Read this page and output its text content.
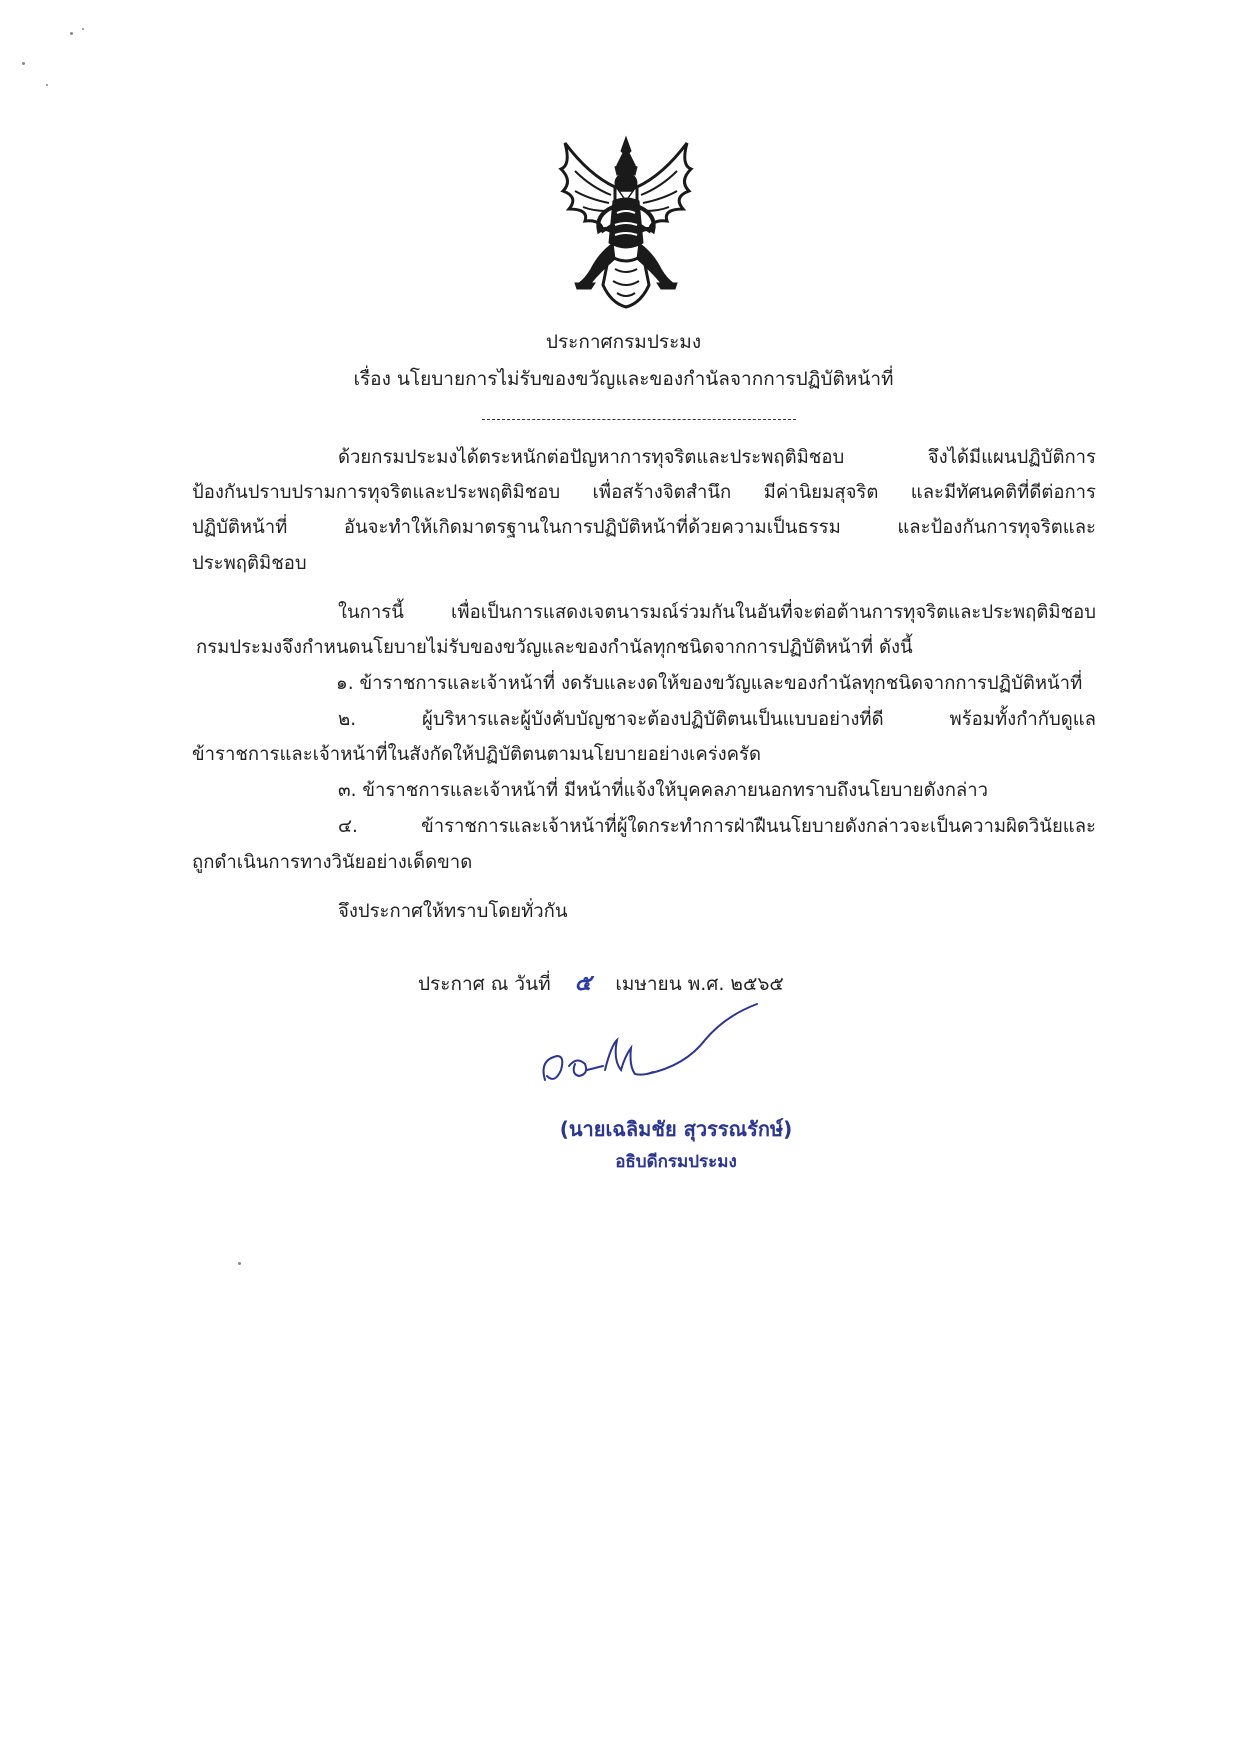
ประกาศกรมประมง
เรื่อง นโยบายการไม่รับของขวัญและของกำนัลจากการปฏิบัติหน้าที่
ด้วยกรมประมงได้ตระหนักต่อปัญหาการทุจริตและประพฤติมิชอบ จึงได้มีแผนปฏิบัติการ
ป้องกันปราบปรามการทุจริตและประพฤติมิชอบ เพื่อสร้างจิตสำนึก มีค่านิยมสุจริต และมีทัศนคติที่ดีต่อการ
ปฏิบัติหน้าที่ อันจะทำให้เกิดมาตรฐานในการปฏิบัติหน้าที่ด้วยความเป็นธรรม และป้องกันการทุจริตและ
ประพฤติมิชอบ
ในการนี้ เพื่อเป็นการแสดงเจตนารมณ์ร่วมกันในอันที่จะต่อต้านการทุจริตและประพฤติมิชอบ
กรมประมงจึงกำหนดนโยบายไม่รับของขวัญและของกำนัลทุกชนิดจากการปฏิบัติหน้าที่ ดังนี้
๑. ข้าราชการและเจ้าหน้าที่ งดรับและงดให้ของขวัญและของกำนัลทุกชนิดจากการปฏิบัติหน้าที่
๒. ผู้บริหารและผู้บังคับบัญชาจะต้องปฏิบัติตนเป็นแบบอย่างที่ดี พร้อมทั้งกำกับดูแล
ข้าราชการและเจ้าหน้าที่ในสังกัดให้ปฏิบัติตนตามนโยบายอย่างเคร่งครัด
๓. ข้าราชการและเจ้าหน้าที่ มีหน้าที่แจ้งให้บุคคลภายนอกทราบถึงนโยบายดังกล่าว
๔. ข้าราชการและเจ้าหน้าที่ผู้ใดกระทำการฝ่าฝืนนโยบายดังกล่าวจะเป็นความผิดวินัยและ
ถูกดำเนินการทางวินัยอย่างเด็ดขาด
จึงประกาศให้ทราบโดยทั่วกัน
ประกาศ ณ วันที่ ๕ เมษายน พ.ศ. ๒๕๖๕
(นายเฉลิมชัย สุวรรณรักษ์)
อธิบดีกรมประมง
